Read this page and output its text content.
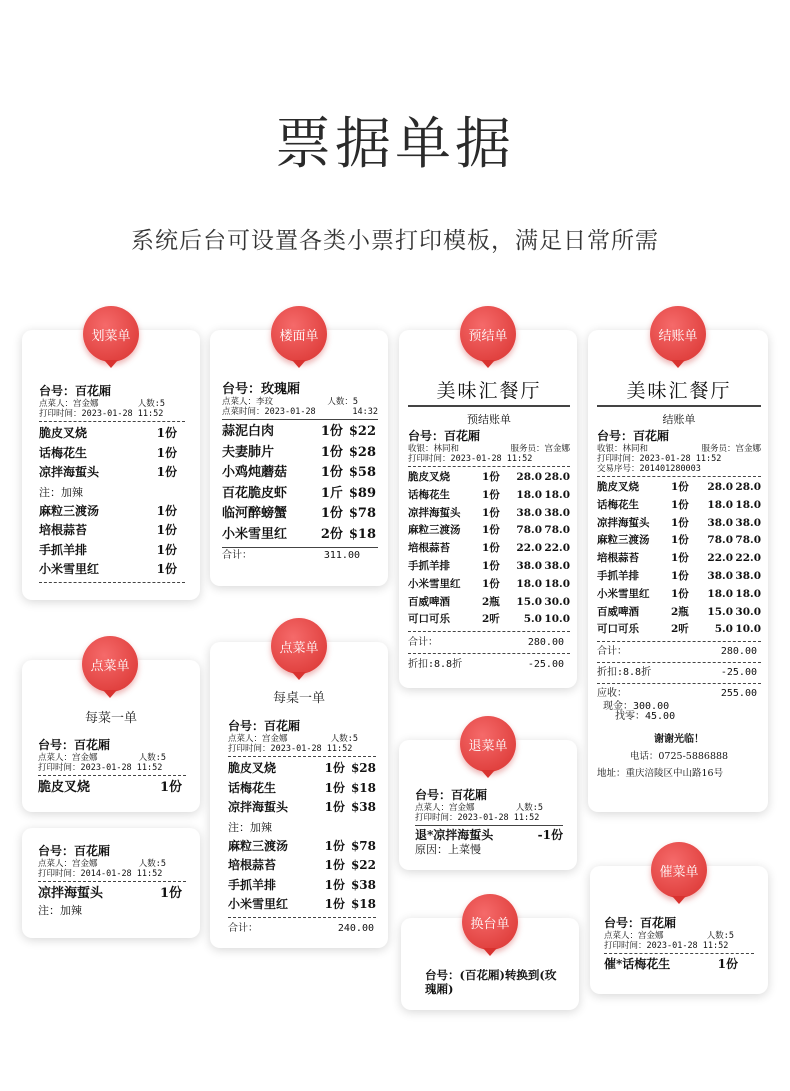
票据单据
系统后台可设置各类小票打印模板，满足日常所需
划菜单
台号：百花厢
点菜人：宫金娜	人数:5
打印时间：2023-01-28 11:52
脆皮叉烧	1份
话梅花生	1份
凉拌海蜇头	1份
注：加辣
麻粒三渡汤	1份
培根蒜苔	1份
手抓羊排	1份
小米雪里红	1份
楼面单
台号：玫瑰厢
点菜人：李玟	人数：5
点菜时间：2023-01-28	14:32
蒜泥白肉	1份 $22
夫妻肺片	1份 $28
小鸡炖蘑菇	1份 $58
百花脆皮虾	1斤 $89
临河醉螃蟹	1份 $78
小米雪里红	2份 $18
合计：	311.00
预结单
美味汇餐厅
预结账单
台号：百花厢
收银：林同和	服务员：宫金娜
打印时间：2023-01-28 11:52
脆皮叉烧	1份	28.0 28.0
话梅花生	1份	18.0 18.0
凉拌海蜇头	1份	38.0 38.0
麻粒三渡汤	1份	78.0 78.0
培根蒜苔	1份	22.0 22.0
手抓羊排	1份	38.0 38.0
小米雪里红	1份	18.0 18.0
百威啤酒	2瓶	15.0 30.0
可口可乐	2听	5.0 10.0
合计：	280.00
折扣:8.8折	-25.00
结账单
美味汇餐厅
结账单
台号：百花厢
收银：林同和	服务员：宫金娜
打印时间：2023-01-28 11:52
交易序号：201401280003
脆皮叉烧	1份	28.0 28.0
话梅花生	1份	18.0 18.0
凉拌海蜇头	1份	38.0 38.0
麻粒三渡汤	1份	78.0 78.0
培根蒜苔	1份	22.0 22.0
手抓羊排	1份	38.0 38.0
小米雪里红	1份	18.0 18.0
百威啤酒	2瓶	15.0 30.0
可口可乐	2听	5.0 10.0
合计：	280.00
折扣:8.8折	-25.00
应收：	255.00
现金：300.00
找零：45.00
谢谢光临！
电话：0725-5886888
地址：重庆涪陵区中山路16号
点菜单
每菜一单
台号：百花厢
点菜人：宫金娜	人数:5
打印时间：2023-01-28 11:52
脆皮叉烧	1份
台号：百花厢
点菜人：宫金娜	人数:5
打印时间：2014-01-28 11:52
凉拌海蜇头	1份
注：加辣
点菜单
每桌一单
台号：百花厢
点菜人：宫金娜	人数:5
打印时间：2023-01-28 11:52
脆皮叉烧	1份 $28
话梅花生	1份 $18
凉拌海蜇头	1份 $38
注：加辣
麻粒三渡汤	1份 $78
培根蒜苔	1份 $22
手抓羊排	1份 $38
小米雪里红	1份 $18
合计：	240.00
退菜单
台号：百花厢
点菜人：宫金娜	人数:5
打印时间：2023-01-28 11:52
退*凉拌海蜇头	-1份
原因：上菜慢
换台单
台号：(百花厢)转换到(玫瑰厢)
催菜单
台号：百花厢
点菜人：宫金娜	人数:5
打印时间：2023-01-28 11:52
催*话梅花生	1份
